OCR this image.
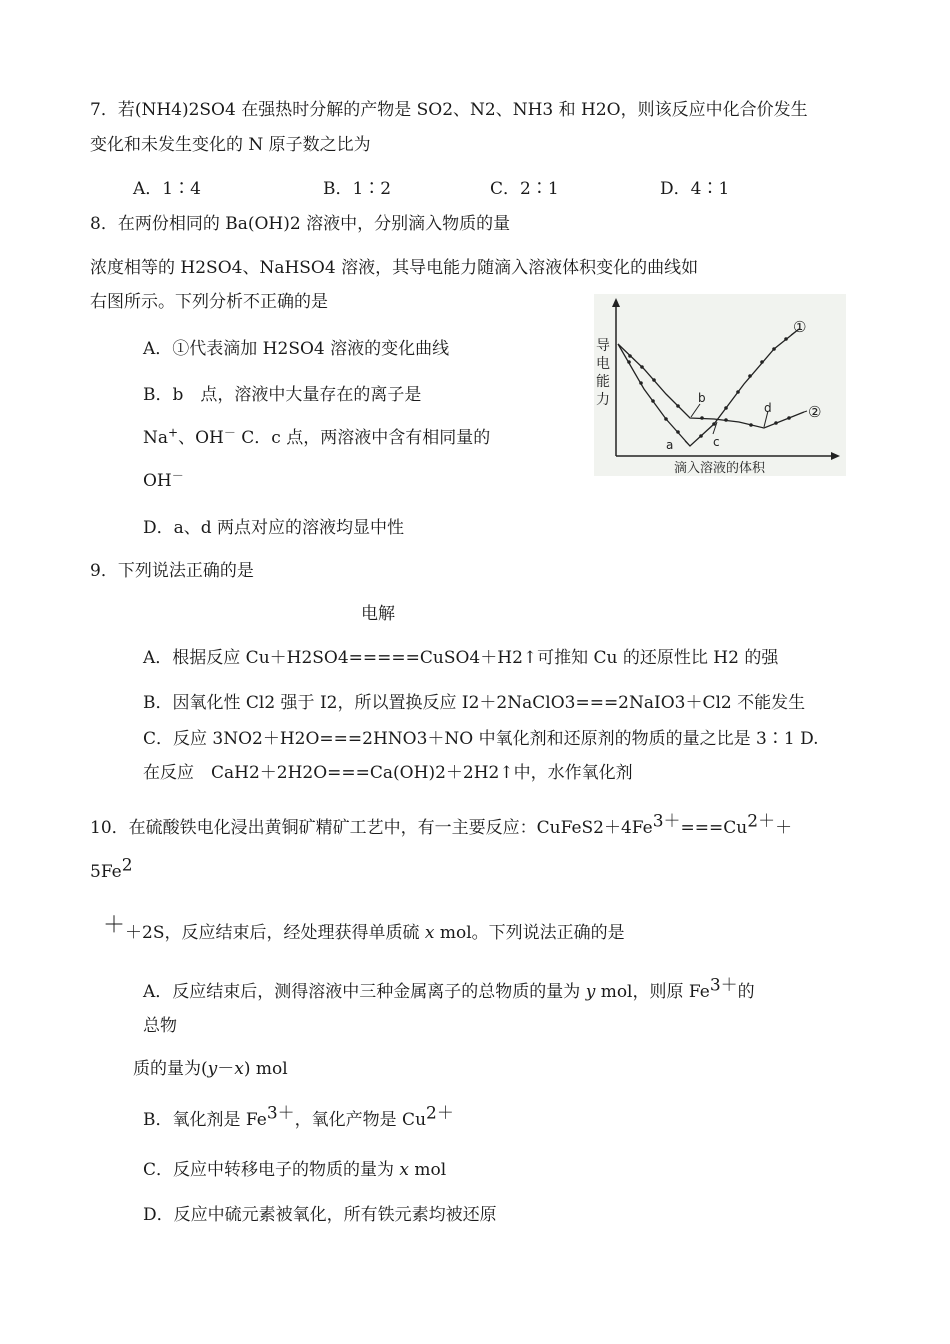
7．若(NH4)2SO4 在强热时分解的产物是 SO2、N2、NH3 和 H2O，则该反应中化合价发生
变化和未发生变化的 N 原子数之比为
A．1∶4	B．1∶2	C．2∶1	D．4∶1
8．在两份相同的 Ba(OH)2 溶液中，分别滴入物质的量
浓度相等的 H2SO4、NaHSO4 溶液，其导电能力随滴入溶液体积变化的曲线如
右图所示。下列分析不正确的是
A．①代表滴加 H2SO4 溶液的变化曲线
B．b　点，溶液中大量存在的离子是
Na+、OH－ C．c 点，两溶液中含有相同量的
OH－
D．a、d 两点对应的溶液均显中性
a
b
c
d
①
②
导
电
能
力
滴入溶液的体积
9．下列说法正确的是
电解
A．根据反应 Cu＋H2SO4=====CuSO4＋H2↑可推知 Cu 的还原性比 H2 的强
B．因氧化性 Cl2 强于 I2，所以置换反应 I2＋2NaClO3===2NaIO3＋Cl2 不能发生
C．反应 3NO2＋H2O===2HNO3＋NO 中氧化剂和还原剂的物质的量之比是 3∶1 D.
在反应　CaH2＋2H2O===Ca(OH)2＋2H2↑中，水作氧化剂
10．在硫酸铁电化浸出黄铜矿精矿工艺中，有一主要反应：$CuFeS2+4Fe^{3+}===Cu^{2+}+$
$5Fe^2$
＋＋2S，反应结束后，经处理获得单质硫 x mol。下列说法正确的是
A．反应结束后，测得溶液中三种金属离子的总物质的量为 y mol，则原 $Fe^{3+}$的
总物
质的量为(y－x) mol
B．氧化剂是 $Fe^{3+}$，氧化产物是 $Cu^{2+}$
C．反应中转移电子的物质的量为 x mol
D．反应中硫元素被氧化，所有铁元素均被还原
